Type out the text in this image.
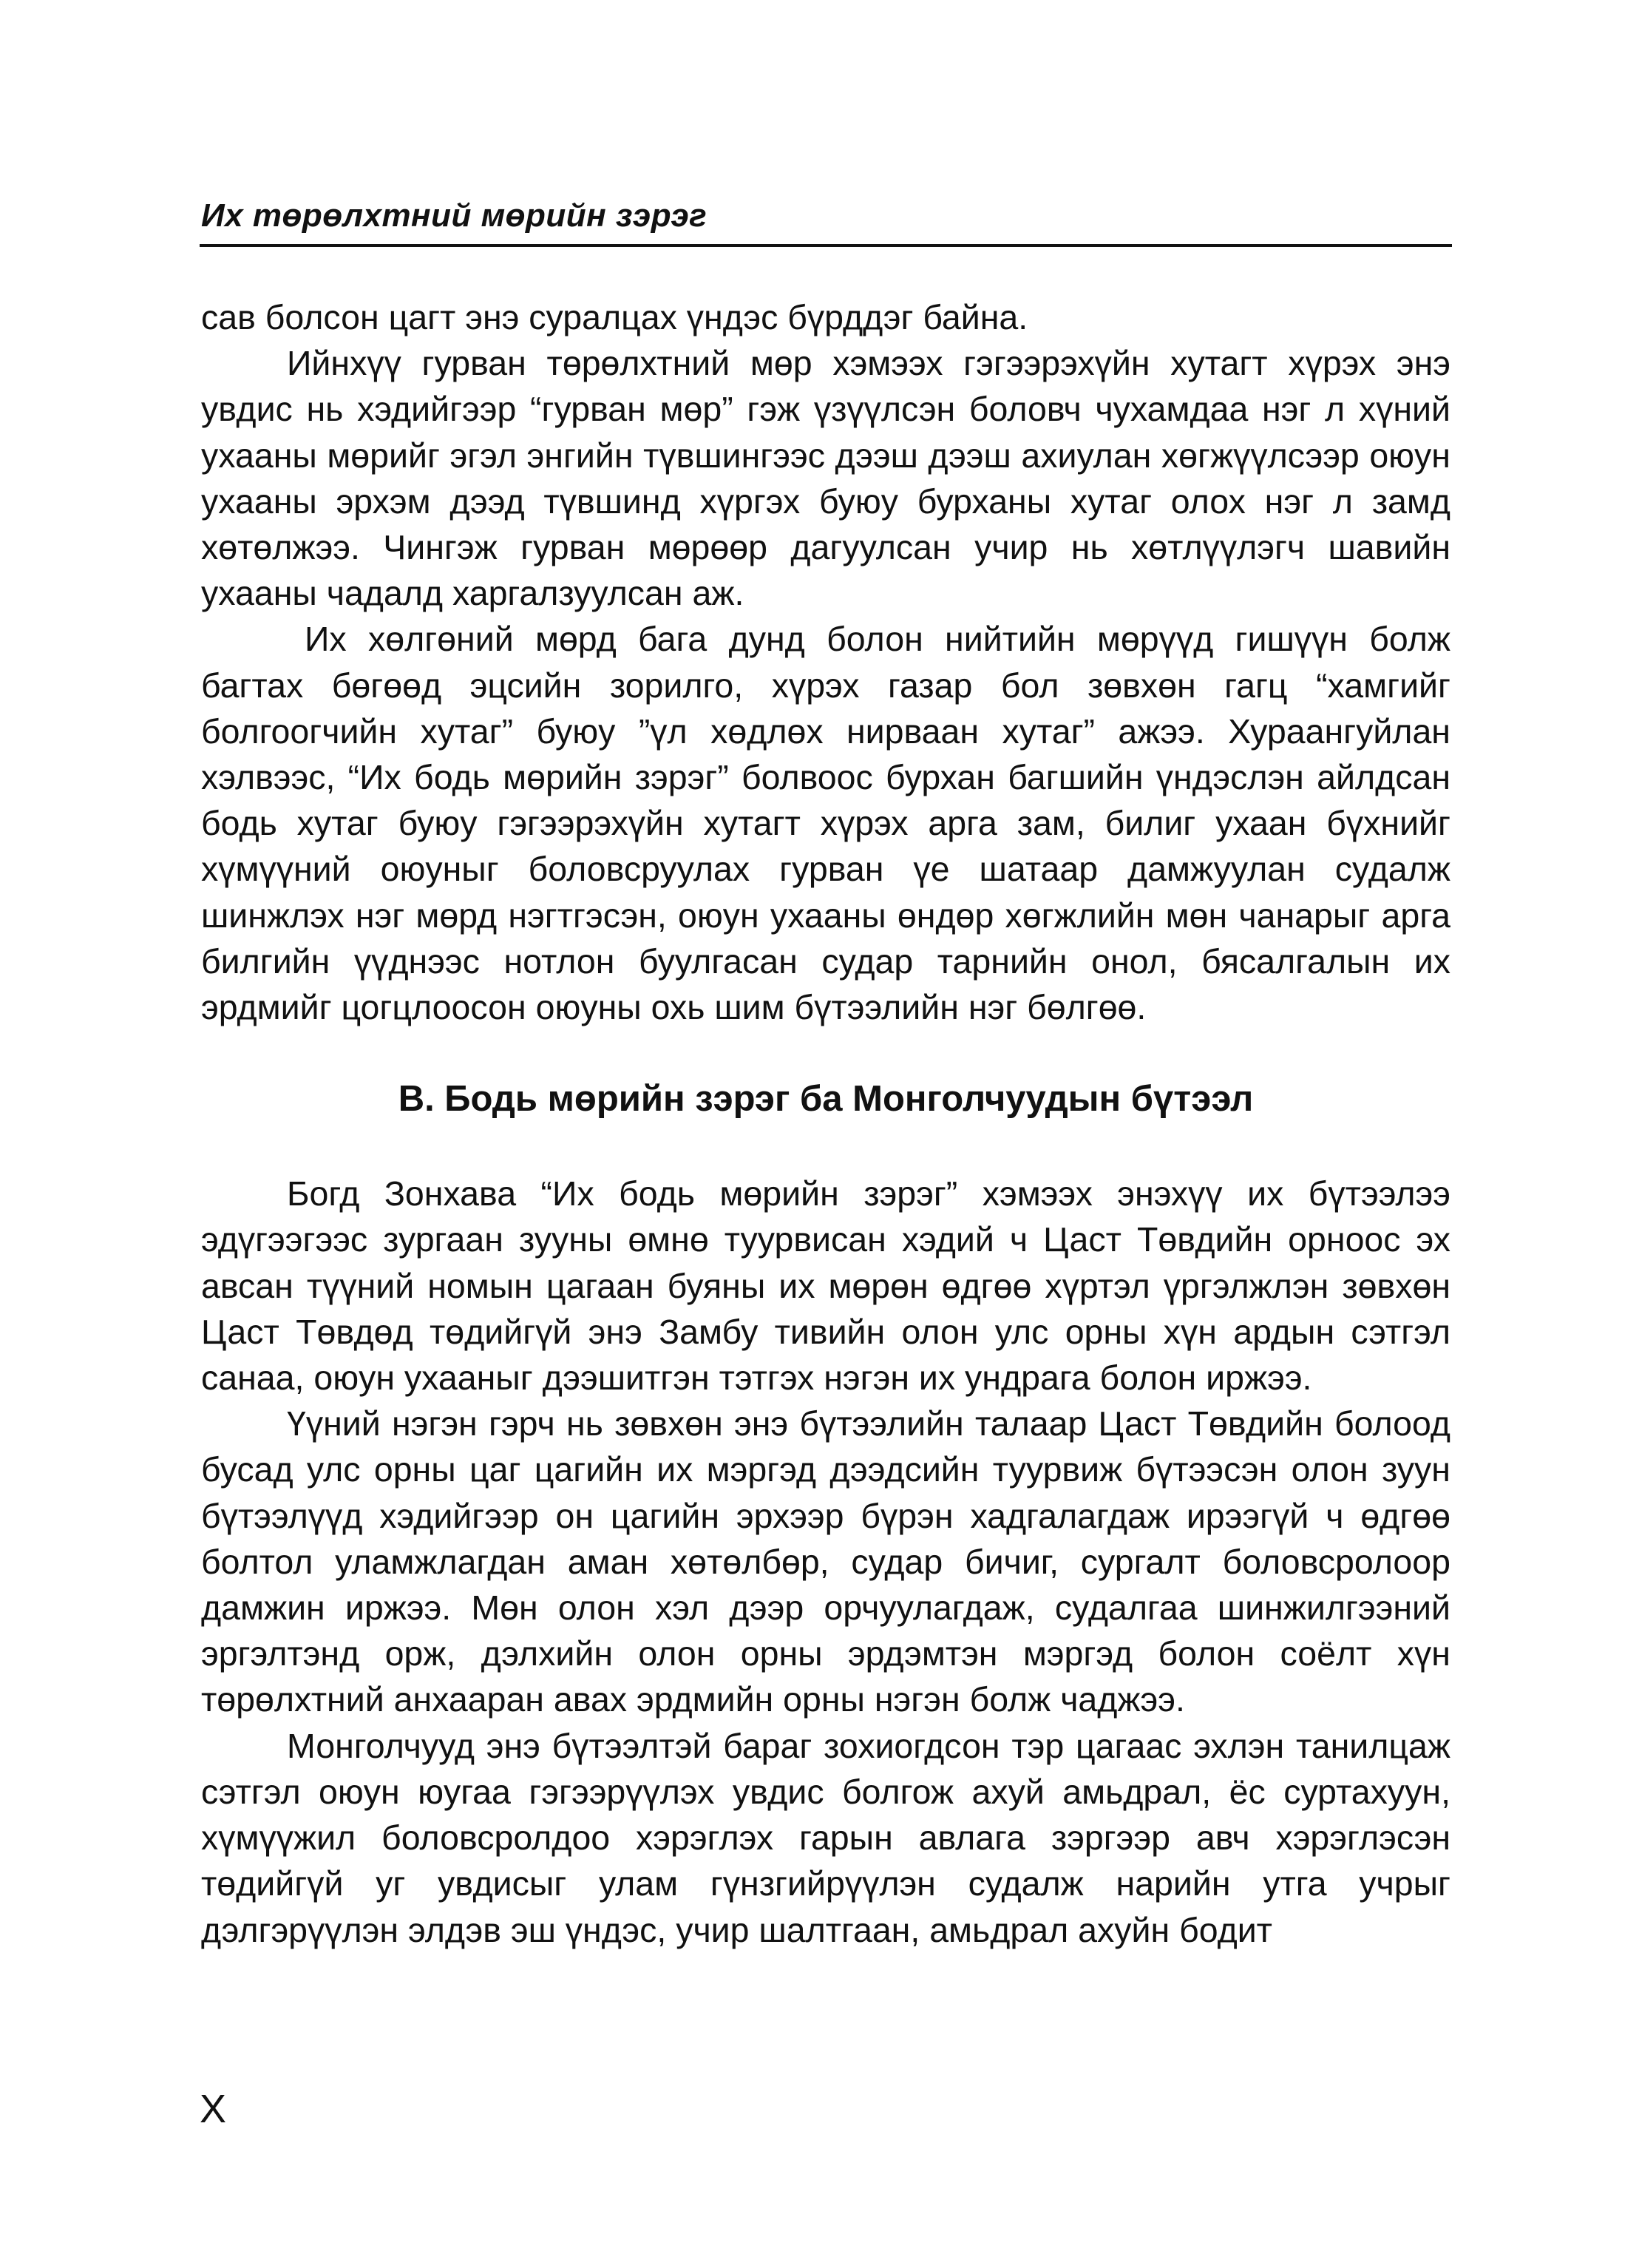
Их төрөлхтний мөрийн зэрэг

сав болсон цагт энэ суралцах үндэс бүрддэг байна.

Ийнхүү гурван төрөлхтний мөр хэмээх гэгээрэхүйн хутагт хүрэх энэ увдис нь хэдийгээр “гурван мөр” гэж үзүүлсэн боловч чухамдаа нэг л хүний ухааны мөрийг эгэл энгийн түвшингээс дээш дээш ахиулан хөгжүүлсээр оюун ухааны эрхэм дээд түвшинд хүргэх буюу бурханы хутаг олох нэг л замд хөтөлжээ. Чингэж гурван мөрөөр дагуулсан учир нь хөтлүүлэгч шавийн ухааны чадалд харгалзуулсан аж.

Их хөлгөний мөрд бага дунд болон нийтийн мөрүүд гишүүн болж багтах бөгөөд эцсийн зорилго, хүрэх газар бол зөвхөн гагц “хамгийг болгоогчийн хутаг” буюу ”үл хөдлөх нирваан хутаг” ажээ. Хураангуйлан хэлвээс, “Их бодь мөрийн зэрэг” болвоос бурхан багшийн үндэслэн айлдсан бодь хутаг буюу гэгээрэхүйн хутагт хүрэх арга зам, билиг ухаан бүхнийг хүмүүний оюуныг боловсруулах гурван үе шатаар дамжуулан судалж шинжлэх нэг мөрд нэгтгэсэн, оюун ухааны өндөр хөгжлийн мөн чанарыг арга билгийн үүднээс нотлон буулгасан судар тарнийн онол, бясалгалын их эрдмийг цогцлоосон оюуны охь шим бүтээлийн нэг бөлгөө.

В. Бодь мөрийн зэрэг ба Монголчуудын бүтээл

Богд Зонхава “Их бодь мөрийн зэрэг” хэмээх энэхүү их бүтээлээ эдүгээгээс зургаан зууны өмнө туурвисан хэдий ч Цаст Төвдийн орноос эх авсан түүний номын цагаан буяны их мөрөн өдгөө хүртэл үргэлжлэн зөвхөн Цаст Төвдөд төдийгүй энэ Замбу тивийн олон улс орны хүн ардын сэтгэл санаа, оюун ухааныг дээшитгэн тэтгэх нэгэн их ундрага болон иржээ.

Үүний нэгэн гэрч нь зөвхөн энэ бүтээлийн талаар Цаст Төвдийн болоод бусад улс орны цаг цагийн их мэргэд дээдсийн туурвиж бүтээсэн олон зуун бүтээлүүд хэдийгээр он цагийн эрхээр бүрэн хадгалагдаж ирээгүй ч өдгөө болтол уламжлагдан аман хөтөлбөр, судар бичиг, сургалт боловсролоор дамжин иржээ. Мөн олон хэл дээр орчуулагдаж, судалгаа шинжилгээний эргэлтэнд орж, дэлхийн олон орны эрдэмтэн мэргэд болон соёлт хүн төрөлхтний анхааран авах эрдмийн орны нэгэн болж чаджээ.

Монголчууд энэ бүтээлтэй бараг зохиогдсон тэр цагаас эхлэн танилцаж сэтгэл оюун юугаа гэгээрүүлэх увдис болгож ахуй амьдрал, ёс суртахуун, хүмүүжил боловсролдоо хэрэглэх гарын авлага зэргээр авч хэрэглэсэн төдийгүй уг увдисыг улам гүнзгийрүүлэн судалж нарийн утга учрыг дэлгэрүүлэн элдэв эш үндэс, учир шалтгаан, амьдрал ахуйн бодит

X
